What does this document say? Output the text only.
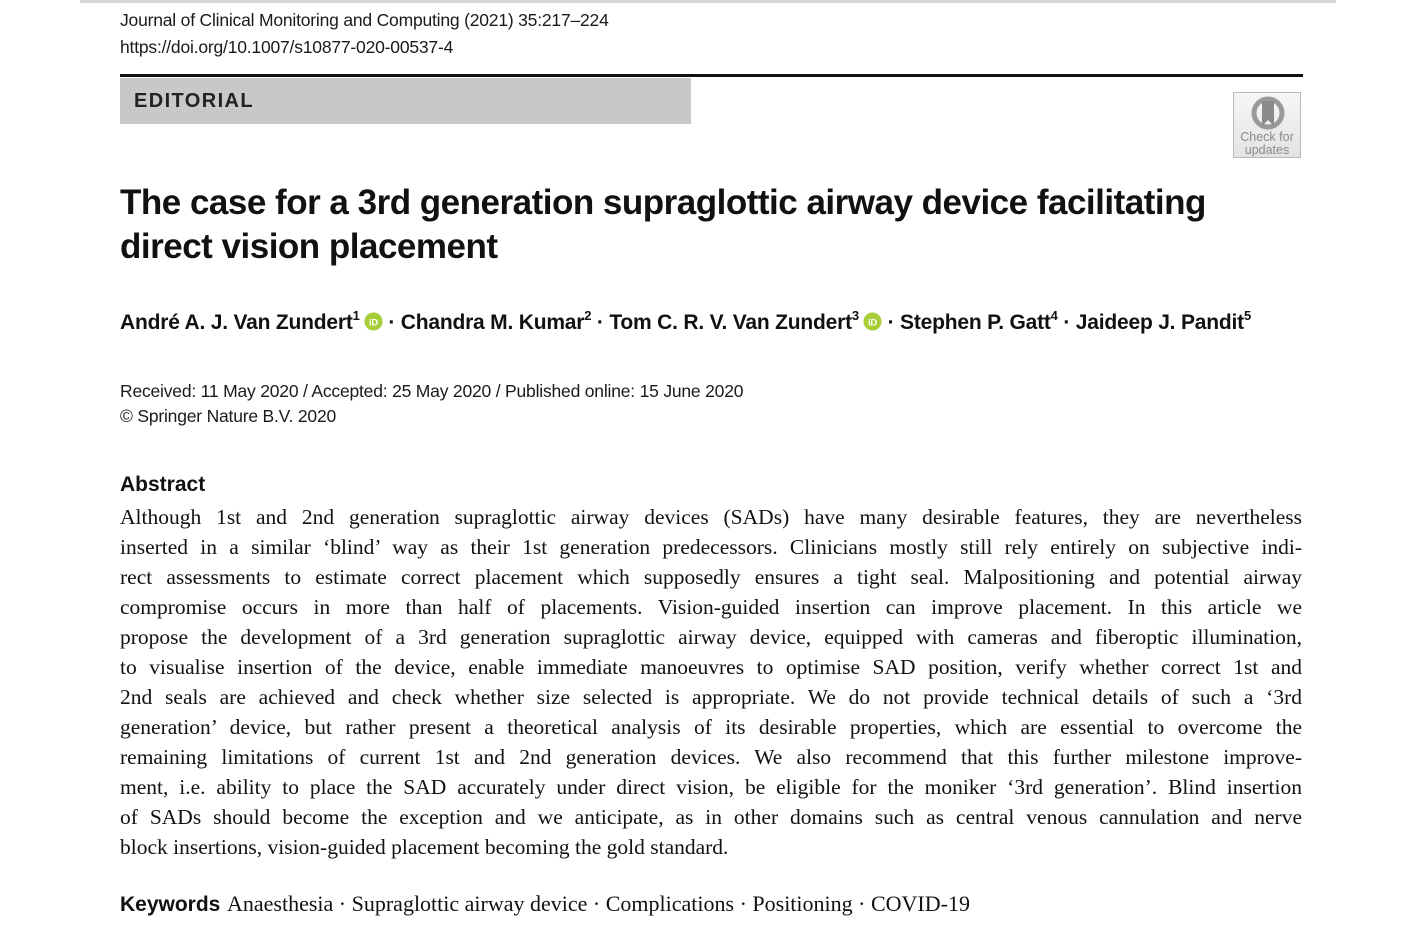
Journal of Clinical Monitoring and Computing (2021) 35:217–224
https://doi.org/10.1007/s10877-020-00537-4
EDITORIAL
Check for
updates
The case for a 3rd generation supraglottic airway device facilitating direct vision placement
André A. J. Van Zundert$^1$ iD · Chandra M. Kumar$^2$ · Tom C. R. V. Van Zundert$^3$ iD · Stephen P. Gatt$^4$ · Jaideep J. Pandit$^5$
Received: 11 May 2020 / Accepted: 25 May 2020 / Published online: 15 June 2020
© Springer Nature B.V. 2020
Abstract
Although 1st and 2nd generation supraglottic airway devices (SADs) have many desirable features, they are nevertheless
inserted in a similar ‘blind’ way as their 1st generation predecessors. Clinicians mostly still rely entirely on subjective indi-
rect assessments to estimate correct placement which supposedly ensures a tight seal. Malpositioning and potential airway
compromise occurs in more than half of placements. Vision-guided insertion can improve placement. In this article we
propose the development of a 3rd generation supraglottic airway device, equipped with cameras and fiberoptic illumination,
to visualise insertion of the device, enable immediate manoeuvres to optimise SAD position, verify whether correct 1st and
2nd seals are achieved and check whether size selected is appropriate. We do not provide technical details of such a ‘3rd
generation’ device, but rather present a theoretical analysis of its desirable properties, which are essential to overcome the
remaining limitations of current 1st and 2nd generation devices. We also recommend that this further milestone improve-
ment, i.e. ability to place the SAD accurately under direct vision, be eligible for the moniker ‘3rd generation’. Blind insertion
of SADs should become the exception and we anticipate, as in other domains such as central venous cannulation and nerve
block insertions, vision-guided placement becoming the gold standard.
Keywords Anaesthesia · Supraglottic airway device · Complications · Positioning · COVID-19
